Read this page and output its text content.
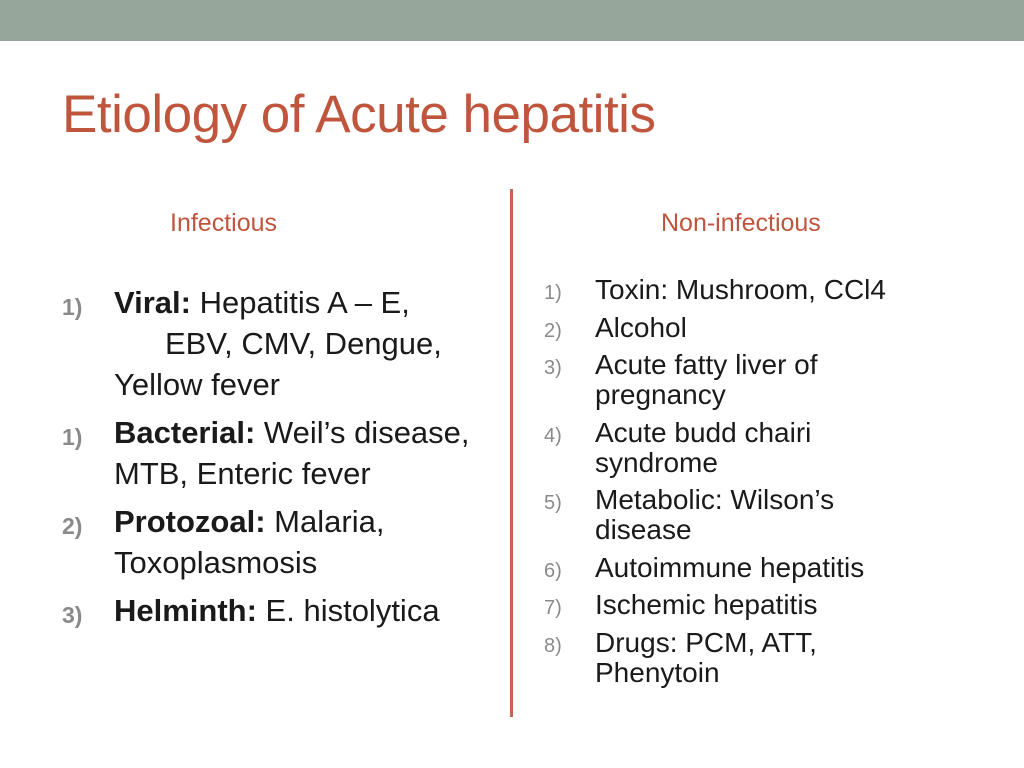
Etiology of Acute hepatitis
Infectious	Non-infectious
1) Viral: Hepatitis A – E,
EBV, CMV, Dengue,
Yellow fever
1) Bacterial: Weil’s disease, MTB, Enteric fever
2) Protozoal: Malaria, Toxoplasmosis
3) Helminth: E. histolytica
1) Toxin: Mushroom, CCl4
2) Alcohol
3) Acute fatty liver of pregnancy
4) Acute budd chairi syndrome
5) Metabolic: Wilson’s disease
6) Autoimmune hepatitis
7) Ischemic hepatitis
8) Drugs: PCM, ATT, Phenytoin
